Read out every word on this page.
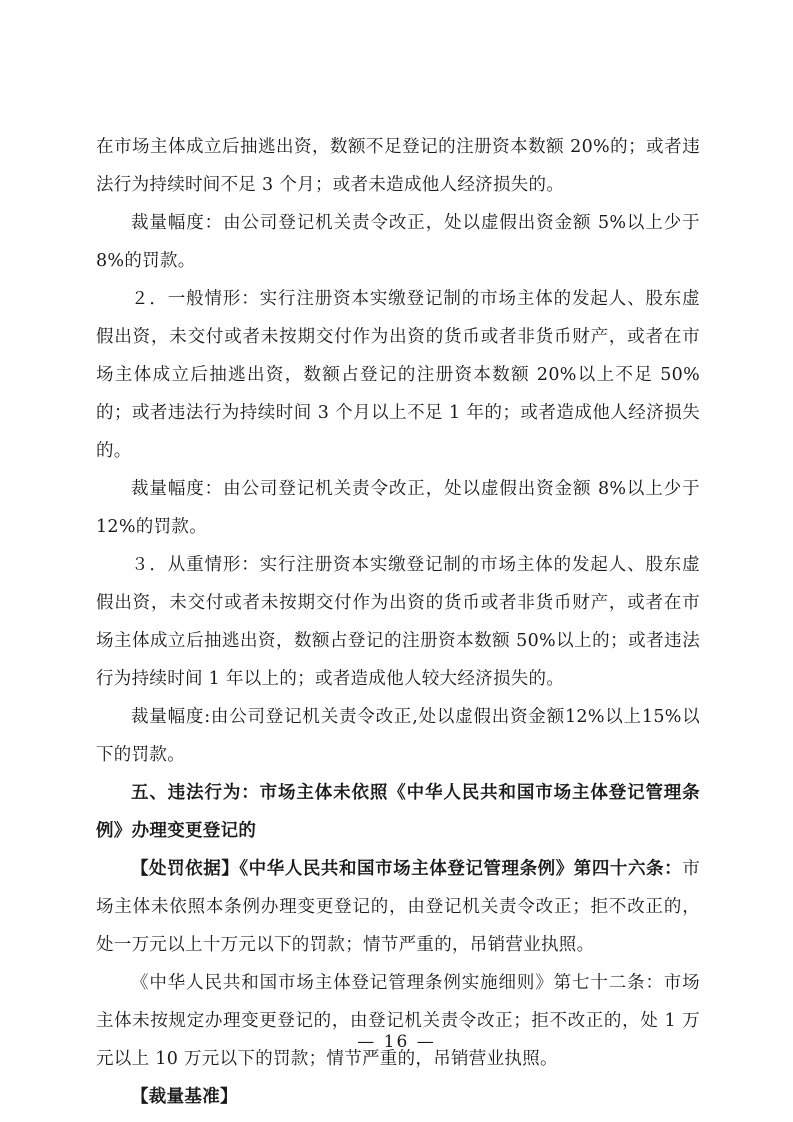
在市场主体成立后抽逃出资，数额不足登记的注册资本数额 20%的；或者违法行为持续时间不足 3 个月；或者未造成他人经济损失的。

裁量幅度：由公司登记机关责令改正，处以虚假出资金额 5%以上少于 8%的罚款。

２．一般情形：实行注册资本实缴登记制的市场主体的发起人、股东虚假出资，未交付或者未按期交付作为出资的货币或者非货币财产，或者在市场主体成立后抽逃出资，数额占登记的注册资本数额 20%以上不足 50%的；或者违法行为持续时间 3 个月以上不足 1 年的；或者造成他人经济损失的。

裁量幅度：由公司登记机关责令改正，处以虚假出资金额 8%以上少于 12%的罚款。

３．从重情形：实行注册资本实缴登记制的市场主体的发起人、股东虚假出资，未交付或者未按期交付作为出资的货币或者非货币财产，或者在市场主体成立后抽逃出资，数额占登记的注册资本数额 50%以上的；或者违法行为持续时间 1 年以上的；或者造成他人较大经济损失的。

裁量幅度:由公司登记机关责令改正,处以虚假出资金额12%以上15%以下的罚款。

五、违法行为：市场主体未依照《中华人民共和国市场主体登记管理条例》办理变更登记的

【处罚依据】《中华人民共和国市场主体登记管理条例》第四十六条：市场主体未依照本条例办理变更登记的，由登记机关责令改正；拒不改正的，处一万元以上十万元以下的罚款；情节严重的，吊销营业执照。

《中华人民共和国市场主体登记管理条例实施细则》第七十二条：市场主体未按规定办理变更登记的，由登记机关责令改正；拒不改正的，处 1 万元以上 10 万元以下的罚款；情节严重的，吊销营业执照。

【裁量基准】

— 16 —
